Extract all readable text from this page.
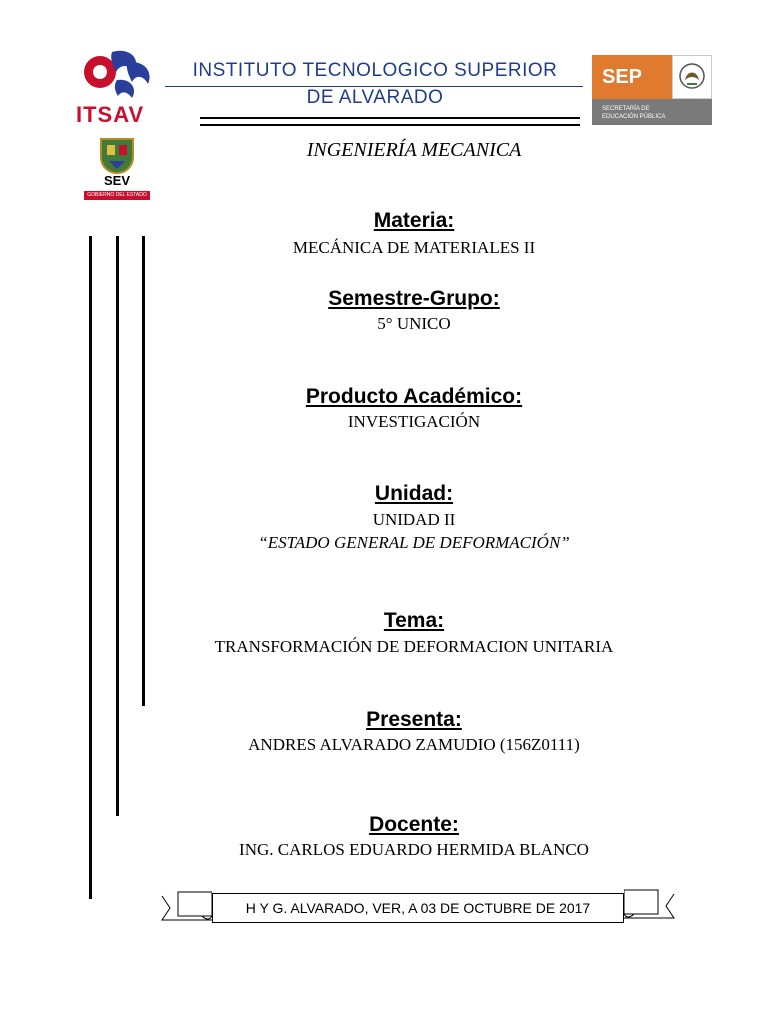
ITSAV
SEV
GOBIERNO DEL ESTADO
INSTITUTO TECNOLOGICO SUPERIOR
DE ALVARADO
SEP
SECRETARÍA DE
EDUCACIÓN PÚBLICA
INGENIERÍA MECANICA
Materia:
MECÁNICA DE MATERIALES II
Semestre-Grupo:
5° UNICO
Producto Académico:
INVESTIGACIÓN
Unidad:
UNIDAD II
“ESTADO GENERAL DE DEFORMACIÓN”
Tema:
TRANSFORMACIÓN DE DEFORMACION UNITARIA
Presenta:
ANDRES ALVARADO ZAMUDIO (156Z0111)
Docente:
ING. CARLOS EDUARDO HERMIDA BLANCO
H Y G. ALVARADO, VER, A 03 DE OCTUBRE DE 2017
